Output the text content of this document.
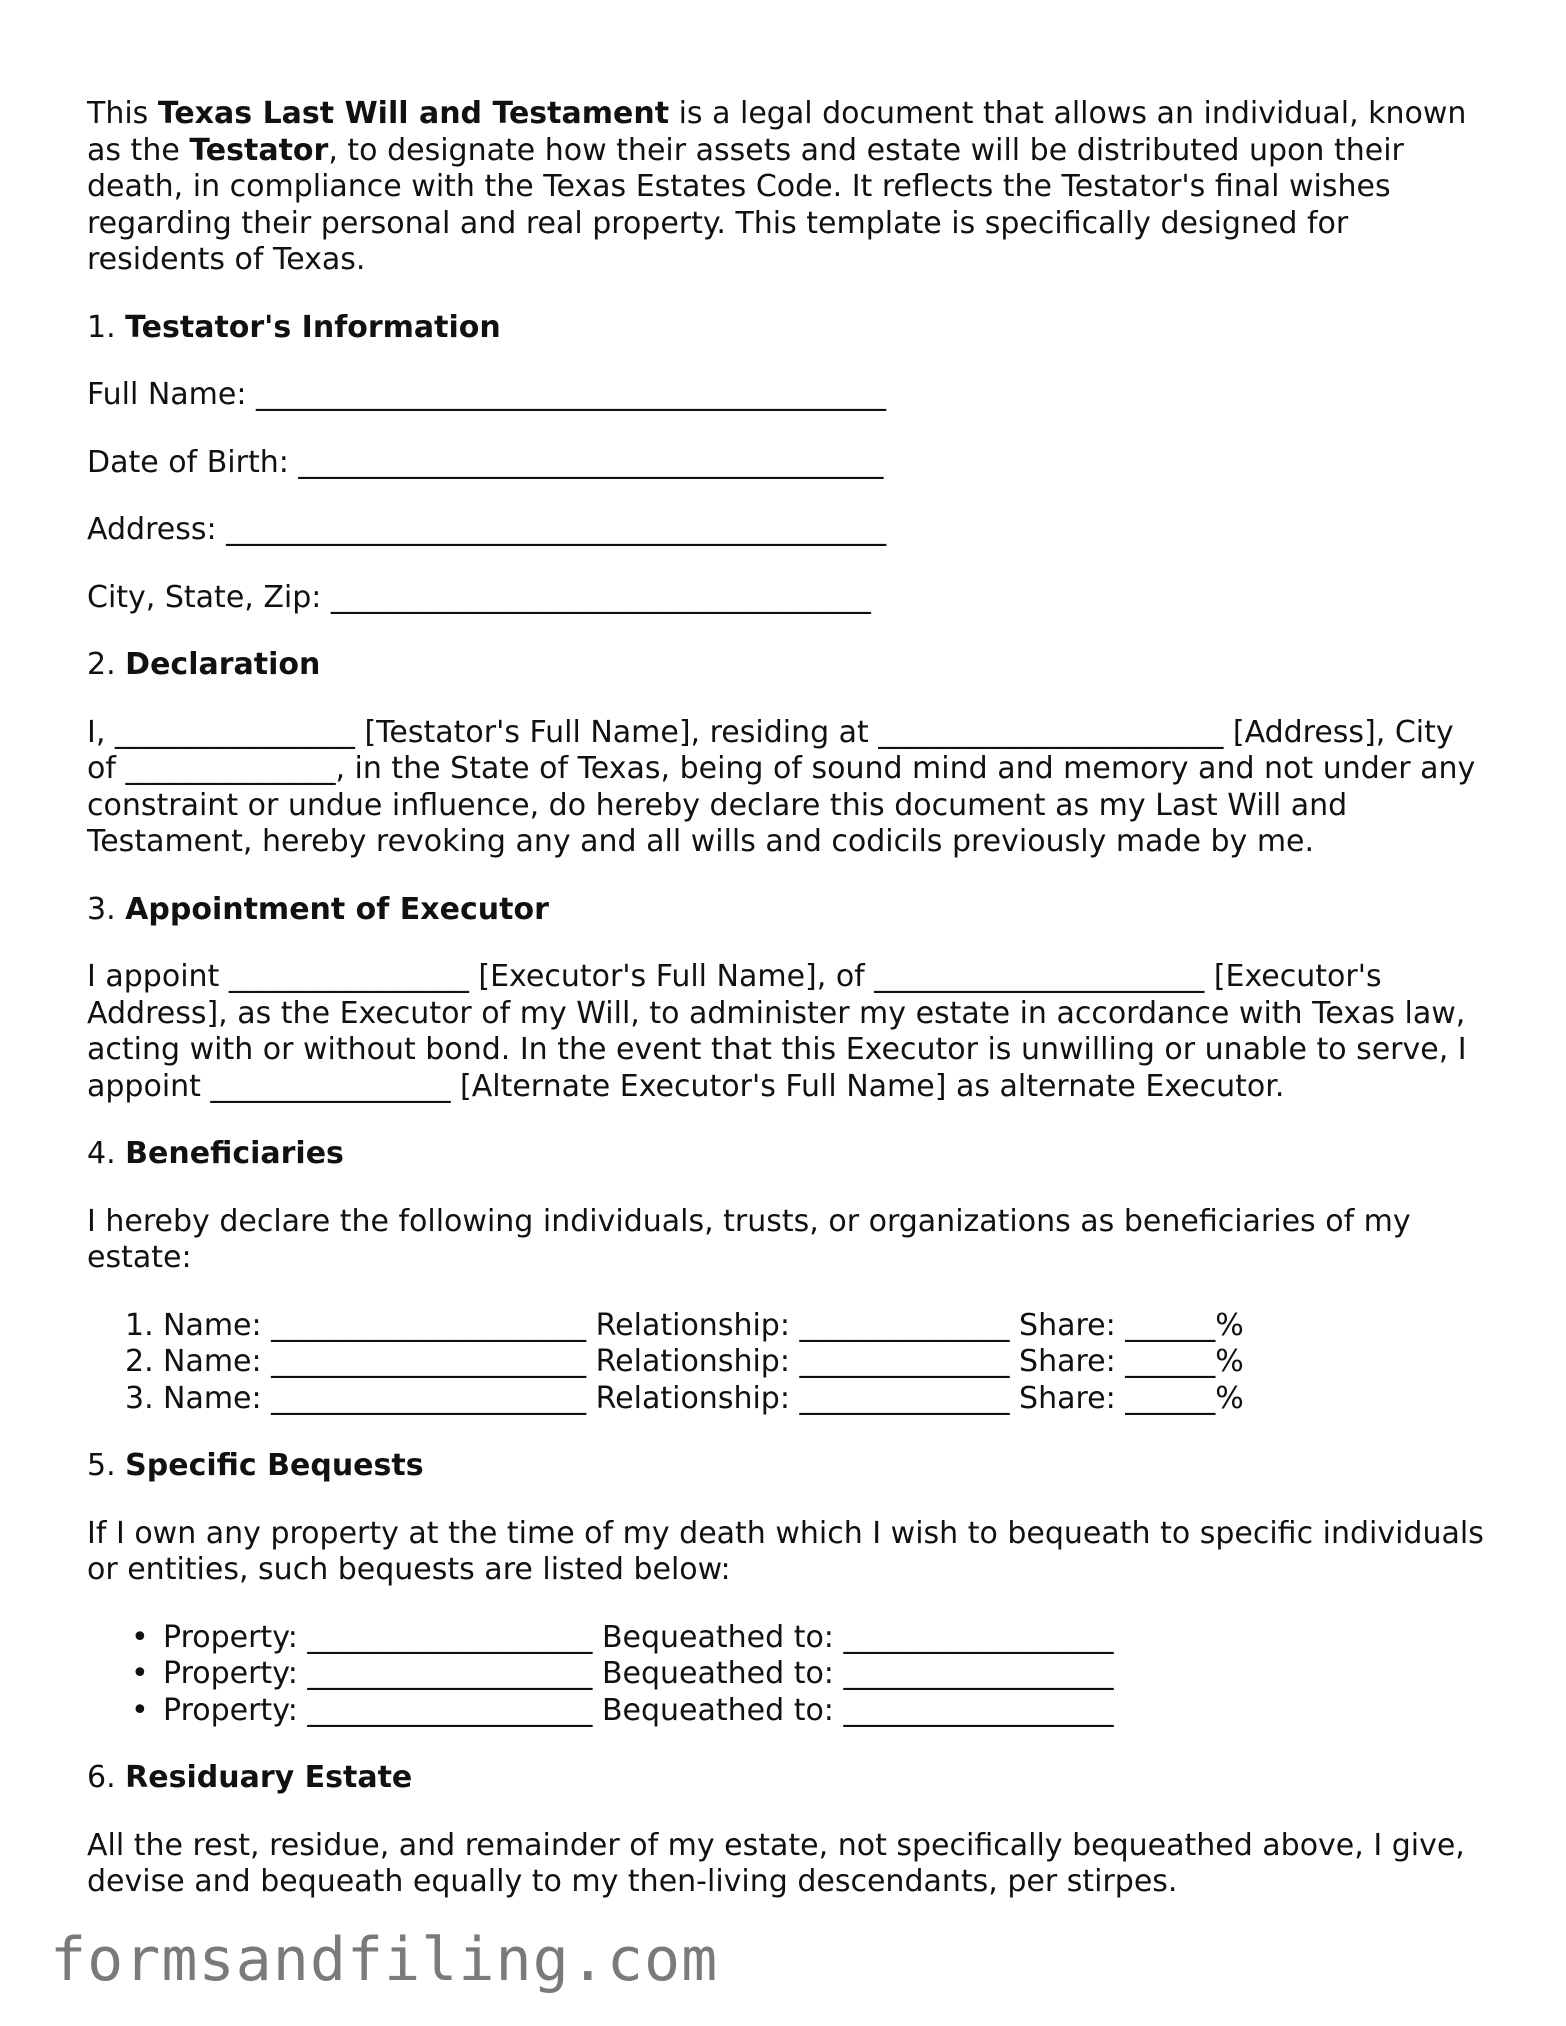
This Texas Last Will and Testament is a legal document that allows an individual, known as the Testator, to designate how their assets and estate will be distributed upon their death, in compliance with the Texas Estates Code. It reflects the Testator's final wishes regarding their personal and real property. This template is specifically designed for residents of Texas.

1. Testator's Information

Full Name: __________________________________________

Date of Birth: _______________________________________

Address: ____________________________________________

City, State, Zip: ____________________________________

2. Declaration

I, ________________ [Testator's Full Name], residing at _______________________ [Address], City of ______________, in the State of Texas, being of sound mind and memory and not under any constraint or undue influence, do hereby declare this document as my Last Will and Testament, hereby revoking any and all wills and codicils previously made by me.

3. Appointment of Executor

I appoint ________________ [Executor's Full Name], of ______________________ [Executor's Address], as the Executor of my Will, to administer my estate in accordance with Texas law, acting with or without bond. In the event that this Executor is unwilling or unable to serve, I appoint ________________ [Alternate Executor's Full Name] as alternate Executor.

4. Beneficiaries

I hereby declare the following individuals, trusts, or organizations as beneficiaries of my estate:

1. Name: _____________________ Relationship: ______________ Share: ______%
2. Name: _____________________ Relationship: ______________ Share: ______%
3. Name: _____________________ Relationship: ______________ Share: ______%

5. Specific Bequests

If I own any property at the time of my death which I wish to bequeath to specific individuals or entities, such bequests are listed below:

• Property: ___________________ Bequeathed to: __________________
• Property: ___________________ Bequeathed to: __________________
• Property: ___________________ Bequeathed to: __________________

6. Residuary Estate

All the rest, residue, and remainder of my estate, not specifically bequeathed above, I give, devise and bequeath equally to my then-living descendants, per stirpes.

formsandfiling.com
